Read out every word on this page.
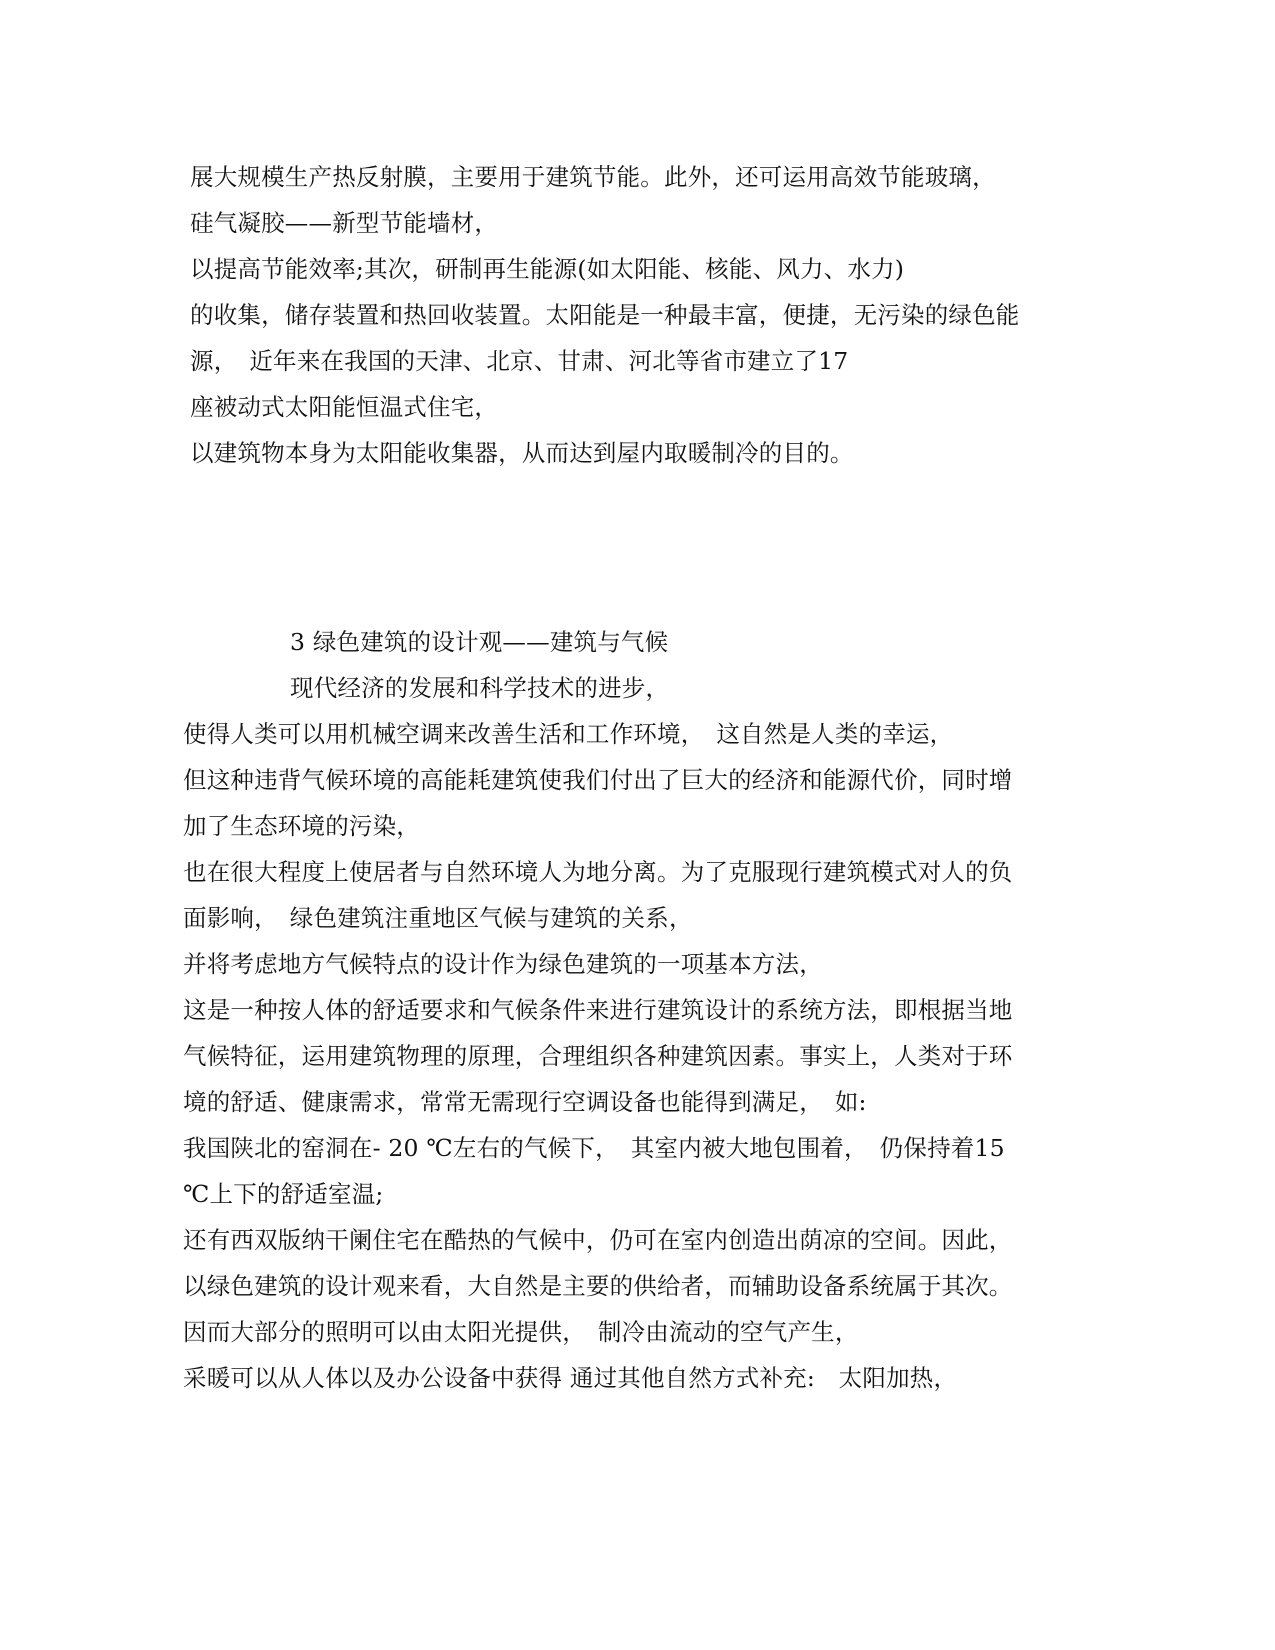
展大规模生产热反射膜，主要用于建筑节能。此外，还可运用高效节能玻璃，
硅气凝胶——新型节能墙材，
以提高节能效率;其次，研制再生能源(如太阳能、核能、风力、水力)
的收集，储存装置和热回收装置。太阳能是一种最丰富，便捷，无污染的绿色能
源，　近年来在我国的天津、北京、甘肃、河北等省市建立了17
座被动式太阳能恒温式住宅，
以建筑物本身为太阳能收集器，从而达到屋内取暖制冷的目的。
3 绿色建筑的设计观——建筑与气候
现代经济的发展和科学技术的进步，
使得人类可以用机械空调来改善生活和工作环境，　这自然是人类的幸运，
但这种违背气候环境的高能耗建筑使我们付出了巨大的经济和能源代价，同时增
加了生态环境的污染，
也在很大程度上使居者与自然环境人为地分离。为了克服现行建筑模式对人的负
面影响，　绿色建筑注重地区气候与建筑的关系，
并将考虑地方气候特点的设计作为绿色建筑的一项基本方法，
这是一种按人体的舒适要求和气候条件来进行建筑设计的系统方法，即根据当地
气候特征，运用建筑物理的原理，合理组织各种建筑因素。事实上，人类对于环
境的舒适、健康需求，常常无需现行空调设备也能得到满足，　如:
我国陕北的窑洞在- 20 ℃左右的气候下，　其室内被大地包围着，　仍保持着15
℃上下的舒适室温;
还有西双版纳干阑住宅在酷热的气候中，仍可在室内创造出荫凉的空间。因此，
以绿色建筑的设计观来看，大自然是主要的供给者，而辅助设备系统属于其次。
因而大部分的照明可以由太阳光提供，　制冷由流动的空气产生，
采暖可以从人体以及办公设备中获得 通过其他自然方式补充:　太阳加热，
